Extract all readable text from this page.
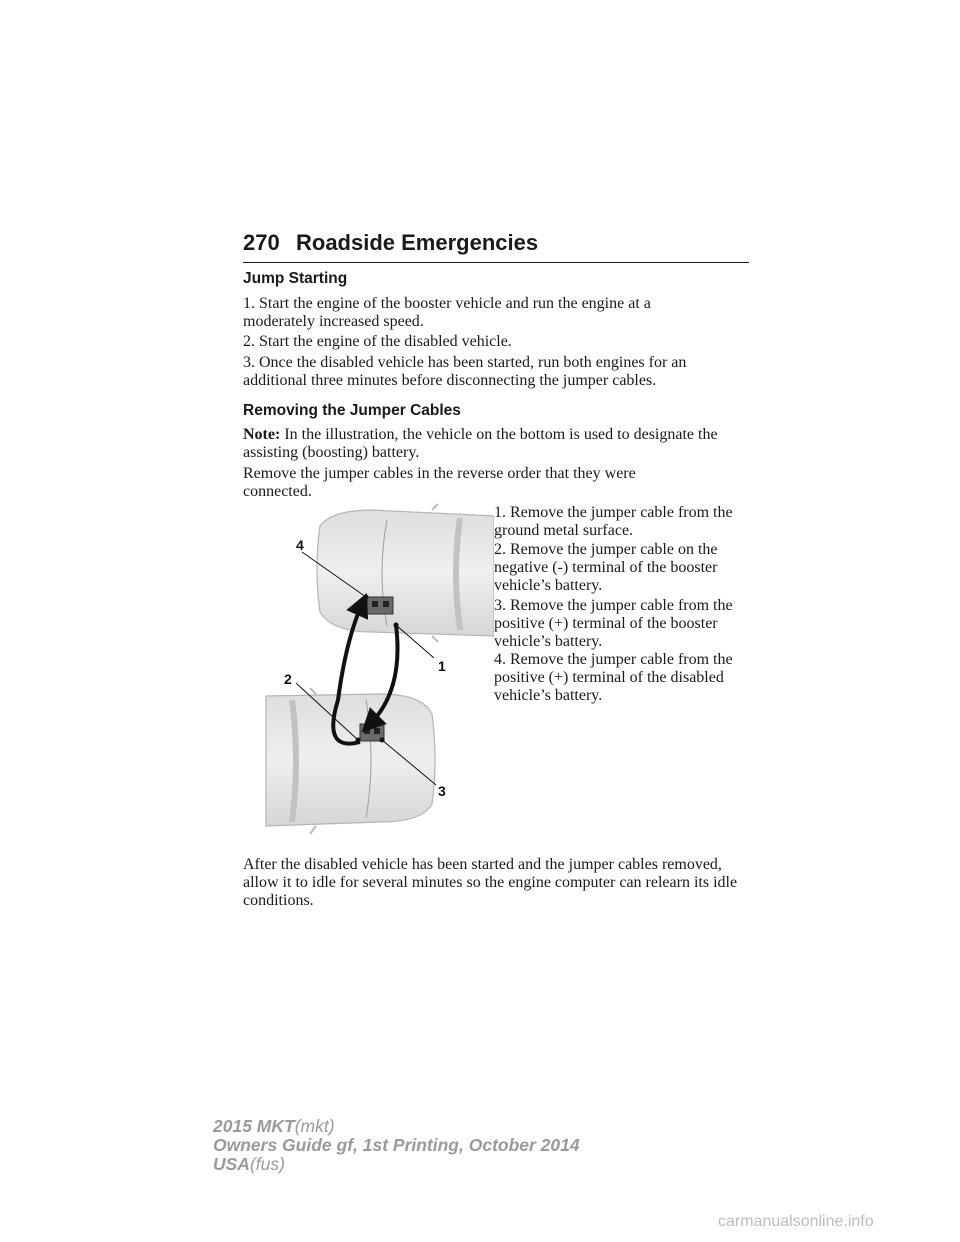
270 Roadside Emergencies
Jump Starting
1. Start the engine of the booster vehicle and run the engine at a moderately increased speed.
2. Start the engine of the disabled vehicle.
3. Once the disabled vehicle has been started, run both engines for an additional three minutes before disconnecting the jumper cables.
Removing the Jumper Cables
Note: In the illustration, the vehicle on the bottom is used to designate the assisting (boosting) battery.
Remove the jumper cables in the reverse order that they were connected.
1. Remove the jumper cable from the ground metal surface.
2. Remove the jumper cable on the negative (-) terminal of the booster vehicle’s battery.
3. Remove the jumper cable from the positive (+) terminal of the booster vehicle’s battery.
4. Remove the jumper cable from the positive (+) terminal of the disabled vehicle’s battery.
4
1
2
3
After the disabled vehicle has been started and the jumper cables removed, allow it to idle for several minutes so the engine computer can relearn its idle conditions.
2015 MKT(mkt)
Owners Guide gf, 1st Printing, October 2014
USA(fus)
carmanualsonline.info
